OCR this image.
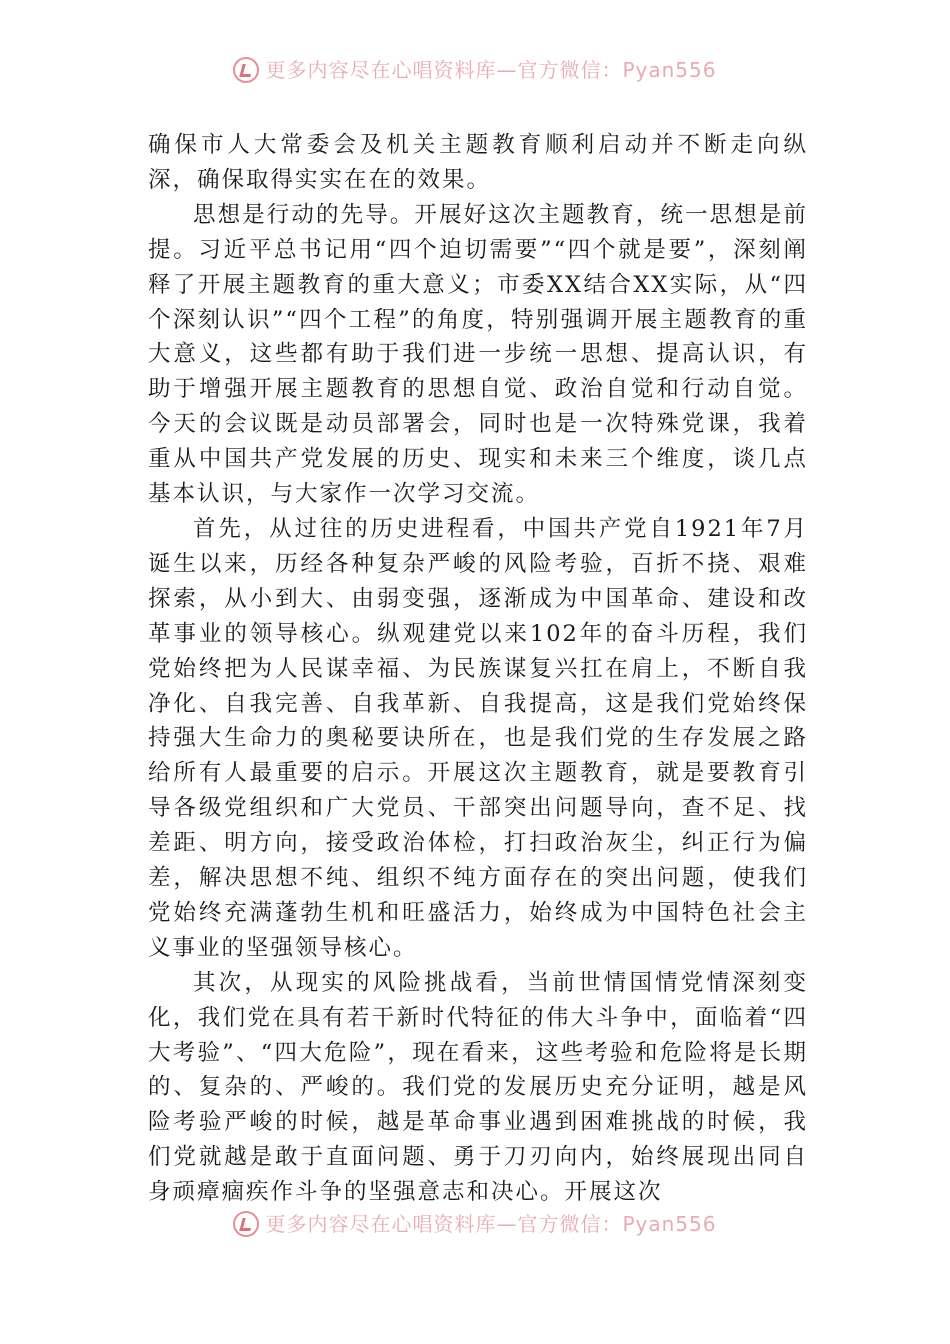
更多内容尽在心唱资料库—官方微信：Pyan556

确保市人大常委会及机关主题教育顺利启动并不断走向纵深，确保取得实实在在的效果。

思想是行动的先导。开展好这次主题教育，统一思想是前提。习近平总书记用“四个迫切需要”“四个就是要”，深刻阐释了开展主题教育的重大意义；市委XX结合XX实际，从“四个深刻认识”“四个工程”的角度，特别强调开展主题教育的重大意义，这些都有助于我们进一步统一思想、提高认识，有助于增强开展主题教育的思想自觉、政治自觉和行动自觉。今天的会议既是动员部署会，同时也是一次特殊党课，我着重从中国共产党发展的历史、现实和未来三个维度，谈几点基本认识，与大家作一次学习交流。

首先，从过往的历史进程看，中国共产党自1921年7月诞生以来，历经各种复杂严峻的风险考验，百折不挠、艰难探索，从小到大、由弱变强，逐渐成为中国革命、建设和改革事业的领导核心。纵观建党以来102年的奋斗历程，我们党始终把为人民谋幸福、为民族谋复兴扛在肩上，不断自我净化、自我完善、自我革新、自我提高，这是我们党始终保持强大生命力的奥秘要诀所在，也是我们党的生存发展之路给所有人最重要的启示。开展这次主题教育，就是要教育引导各级党组织和广大党员、干部突出问题导向，查不足、找差距、明方向，接受政治体检，打扫政治灰尘，纠正行为偏差，解决思想不纯、组织不纯方面存在的突出问题，使我们党始终充满蓬勃生机和旺盛活力，始终成为中国特色社会主义事业的坚强领导核心。

其次，从现实的风险挑战看，当前世情国情党情深刻变化，我们党在具有若干新时代特征的伟大斗争中，面临着“四大考验”、“四大危险”，现在看来，这些考验和危险将是长期的、复杂的、严峻的。我们党的发展历史充分证明，越是风险考验严峻的时候，越是革命事业遇到困难挑战的时候，我们党就越是敢于直面问题、勇于刀刃向内，始终展现出同自身顽瘴痼疾作斗争的坚强意志和决心。开展这次

更多内容尽在心唱资料库—官方微信：Pyan556
